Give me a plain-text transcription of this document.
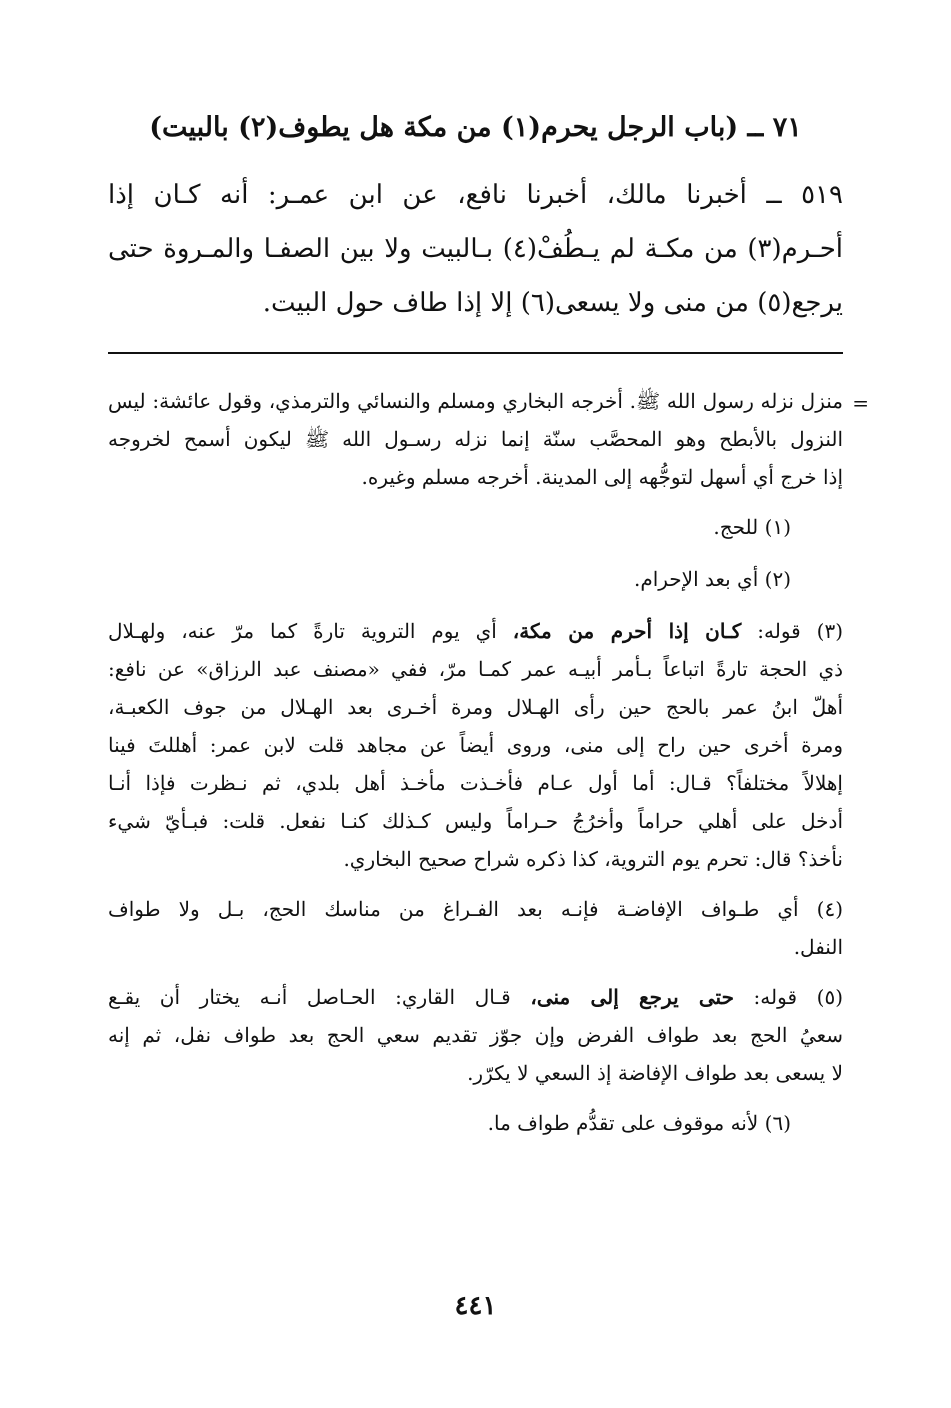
٧١ ــ (باب الرجل يحرم(١) من مكة هل يطوف(٢) بالبيت)
٥١٩ ــ أخبرنا مالك، أخبرنا نافع، عن ابن عمـر: أنه كـان إذا
أحـرم(٣) من مكـة لم يـطُفْ(٤) بـالبيت ولا بين الصفـا والمـروة حتى
يرجع(٥) من منى ولا يسعى(٦) إلا إذا طاف حول البيت.
=
منزل نزله رسول الله ﷺ. أخرجه البخاري ومسلم والنسائي والترمذي، وقول عائشة: ليس
النزول بالأبطح وهو المحصَّب سنّة إنما نزله رسـول الله ﷺ ليكون أسمح لخروجه
إذا خرج أي أسهل لتوجُّهه إلى المدينة. أخرجه مسلم وغيره.
(١) للحج.
(٢) أي بعد الإحرام.
(٣) قوله: كـان إذا أحرم من مكة، أي يوم التروية تارةً كما مرّ عنه، ولهـلال
ذي الحجة تارةً اتباعاً بـأمر أبيـه عمر كمـا مرّ، ففي «مصنف عبد الرزاق» عن نافع:
أهلّ ابنُ عمر بالحج حين رأى الهـلال ومرة أخـرى بعد الهـلال من جوف الكعبـة،
ومرة أخرى حين راح إلى منى، وروى أيضاً عن مجاهد قلت لابن عمر: أهللتَ فينا
إهلالاً مختلفاً؟ قـال: أما أول عـام فأخـذت مأخـذ أهل بلدي، ثم نـظرت فإذا أنـا
أدخل على أهلي حراماً وأخرُجُ حـراماً وليس كـذلك كنـا نفعل. قلت: فبـأيّ شيء
نأخذ؟ قال: تحرم يوم التروية، كذا ذكره شراح صحيح البخاري.
(٤) أي طـواف الإفاضـة فإنـه بعد الفـراغ من مناسك الحج، بـل ولا طواف
النفل.
(٥) قوله: حتى يرجع إلى منى، قـال القاري: الحـاصل أنـه يختار أن يقـع
سعيُ الحج بعد طواف الفرض وإن جوّز تقديم سعي الحج بعد طواف نفل، ثم إنه
لا يسعى بعد طواف الإفاضة إذ السعي لا يكرّر.
(٦) لأنه موقوف على تقدُّم طواف ما.
٤٤١
